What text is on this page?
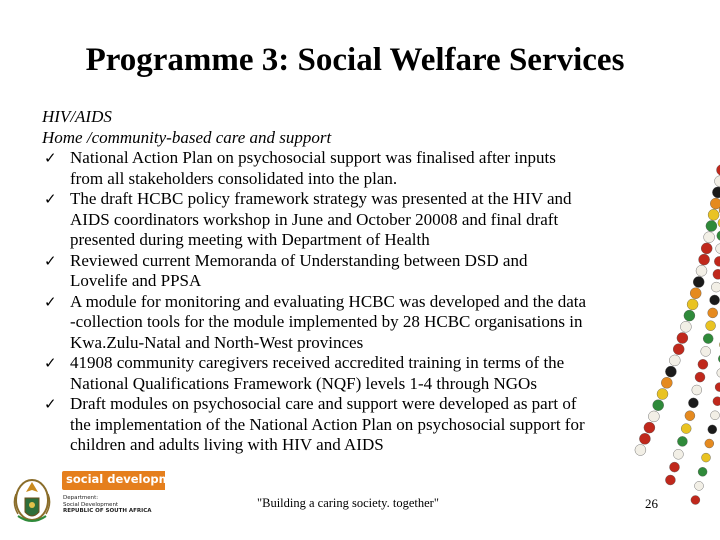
Programme 3: Social Welfare Services
HIV/AIDS
Home /community-based care and support
✓ National Action Plan on psychosocial support was finalised after inputs
from all stakeholders consolidated into the plan.
✓ The draft HCBC policy framework strategy was presented at the HIV and
AIDS coordinators workshop in June and October 20008 and final draft
presented during meeting with Department of Health
✓ Reviewed current Memoranda of Understanding between DSD and
Lovelife and PPSA
✓ A module for monitoring and evaluating HCBC was developed and the data
-collection tools for the module implemented by 28 HCBC organisations in
Kwa.Zulu-Natal and North-West provinces
✓ 41908 community caregivers received accredited training in terms of the
National Qualifications Framework (NQF) levels 1-4 through NGOs
✓ Draft modules on psychosocial care and support were developed as part of
the implementation of the National Action Plan on psychosocial support for
children and adults living with HIV and AIDS
social development
Department:
Social Development
REPUBLIC OF SOUTH AFRICA
"Building a caring society. together"	26
